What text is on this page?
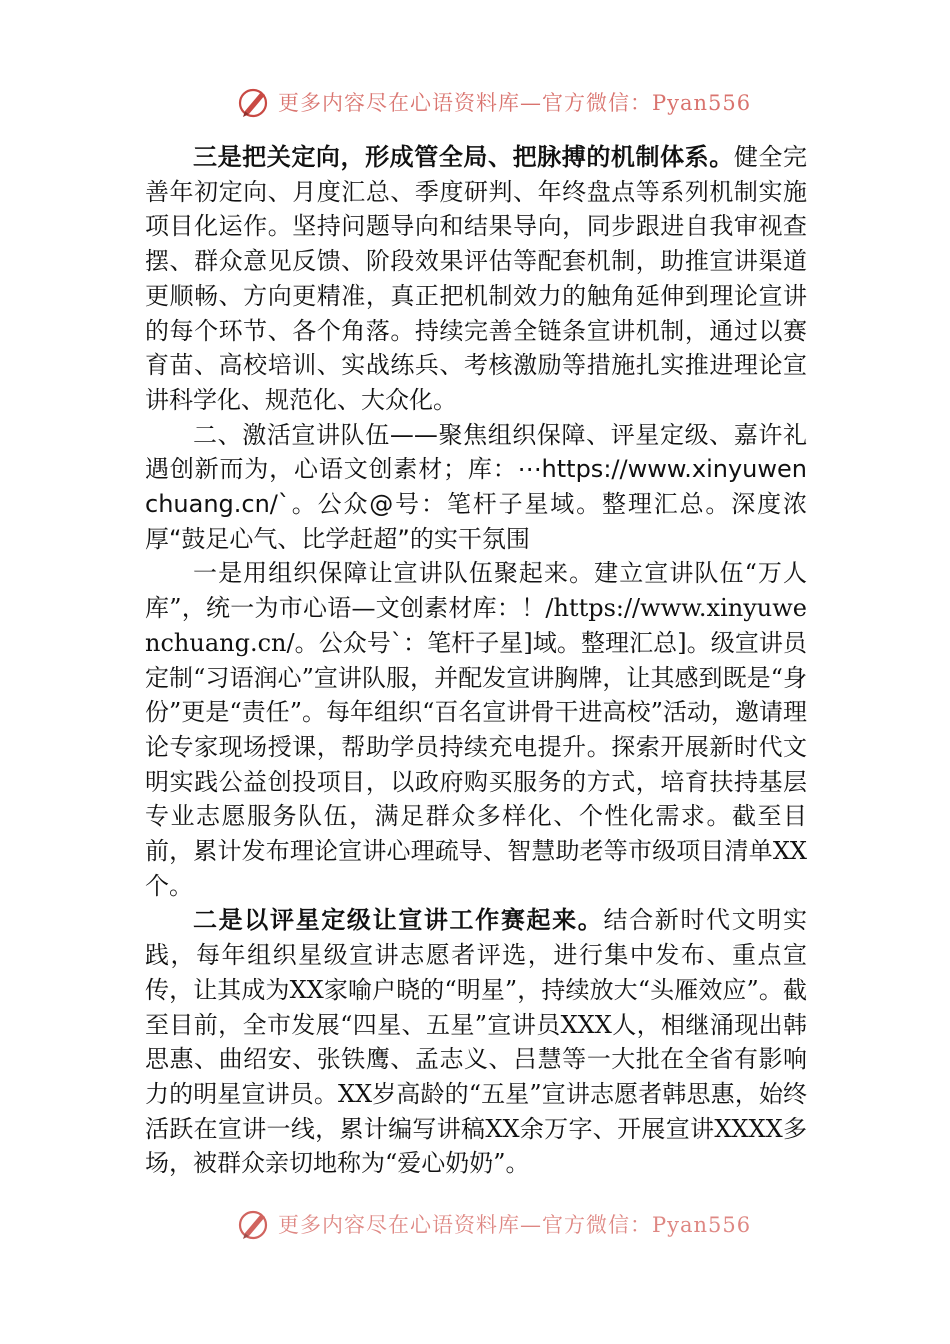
更多内容尽在心语资料库—官方微信：Pyan556

三是把关定向，形成管全局、把脉搏的机制体系。健全完善年初定向、月度汇总、季度研判、年终盘点等系列机制实施项目化运作。坚持问题导向和结果导向，同步跟进自我审视查摆、群众意见反馈、阶段效果评估等配套机制，助推宣讲渠道更顺畅、方向更精准，真正把机制效力的触角延伸到理论宣讲的每个环节、各个角落。持续完善全链条宣讲机制，通过以赛育苗、高校培训、实战练兵、考核激励等措施扎实推进理论宣讲科学化、规范化、大众化。

二、激活宣讲队伍——聚焦组织保障、评星定级、嘉许礼遇创新而为，心语文创素材；库：⋯https://www.xinyuwenchuang.cn/`。公众@号：笔杆子星域。整理汇总。深度浓厚“鼓足心气、比学赶超”的实干氛围

一是用组织保障让宣讲队伍聚起来。建立宣讲队伍“万人库”，统一为市心语—文创素材库：！/https://www.xinyuwenchuang.cn/。公众号`：笔杆子星]域。整理汇总]。级宣讲员定制“习语润心”宣讲队服，并配发宣讲胸牌，让其感到既是“身份”更是“责任”。每年组织“百名宣讲骨干进高校”活动，邀请理论专家现场授课，帮助学员持续充电提升。探索开展新时代文明实践公益创投项目，以政府购买服务的方式，培育扶持基层专业志愿服务队伍，满足群众多样化、个性化需求。截至目前，累计发布理论宣讲心理疏导、智慧助老等市级项目清单XX个。

二是以评星定级让宣讲工作赛起来。结合新时代文明实践，每年组织星级宣讲志愿者评选，进行集中发布、重点宣传，让其成为XX家喻户晓的“明星”，持续放大“头雁效应”。截至目前，全市发展“四星、五星”宣讲员XXX人，相继涌现出韩思惠、曲绍安、张铁鹰、孟志义、吕慧等一大批在全省有影响力的明星宣讲员。XX岁高龄的“五星”宣讲志愿者韩思惠，始终活跃在宣讲一线，累计编写讲稿XX余万字、开展宣讲XXXX多场，被群众亲切地称为“爱心奶奶”。

更多内容尽在心语资料库—官方微信：Pyan556
